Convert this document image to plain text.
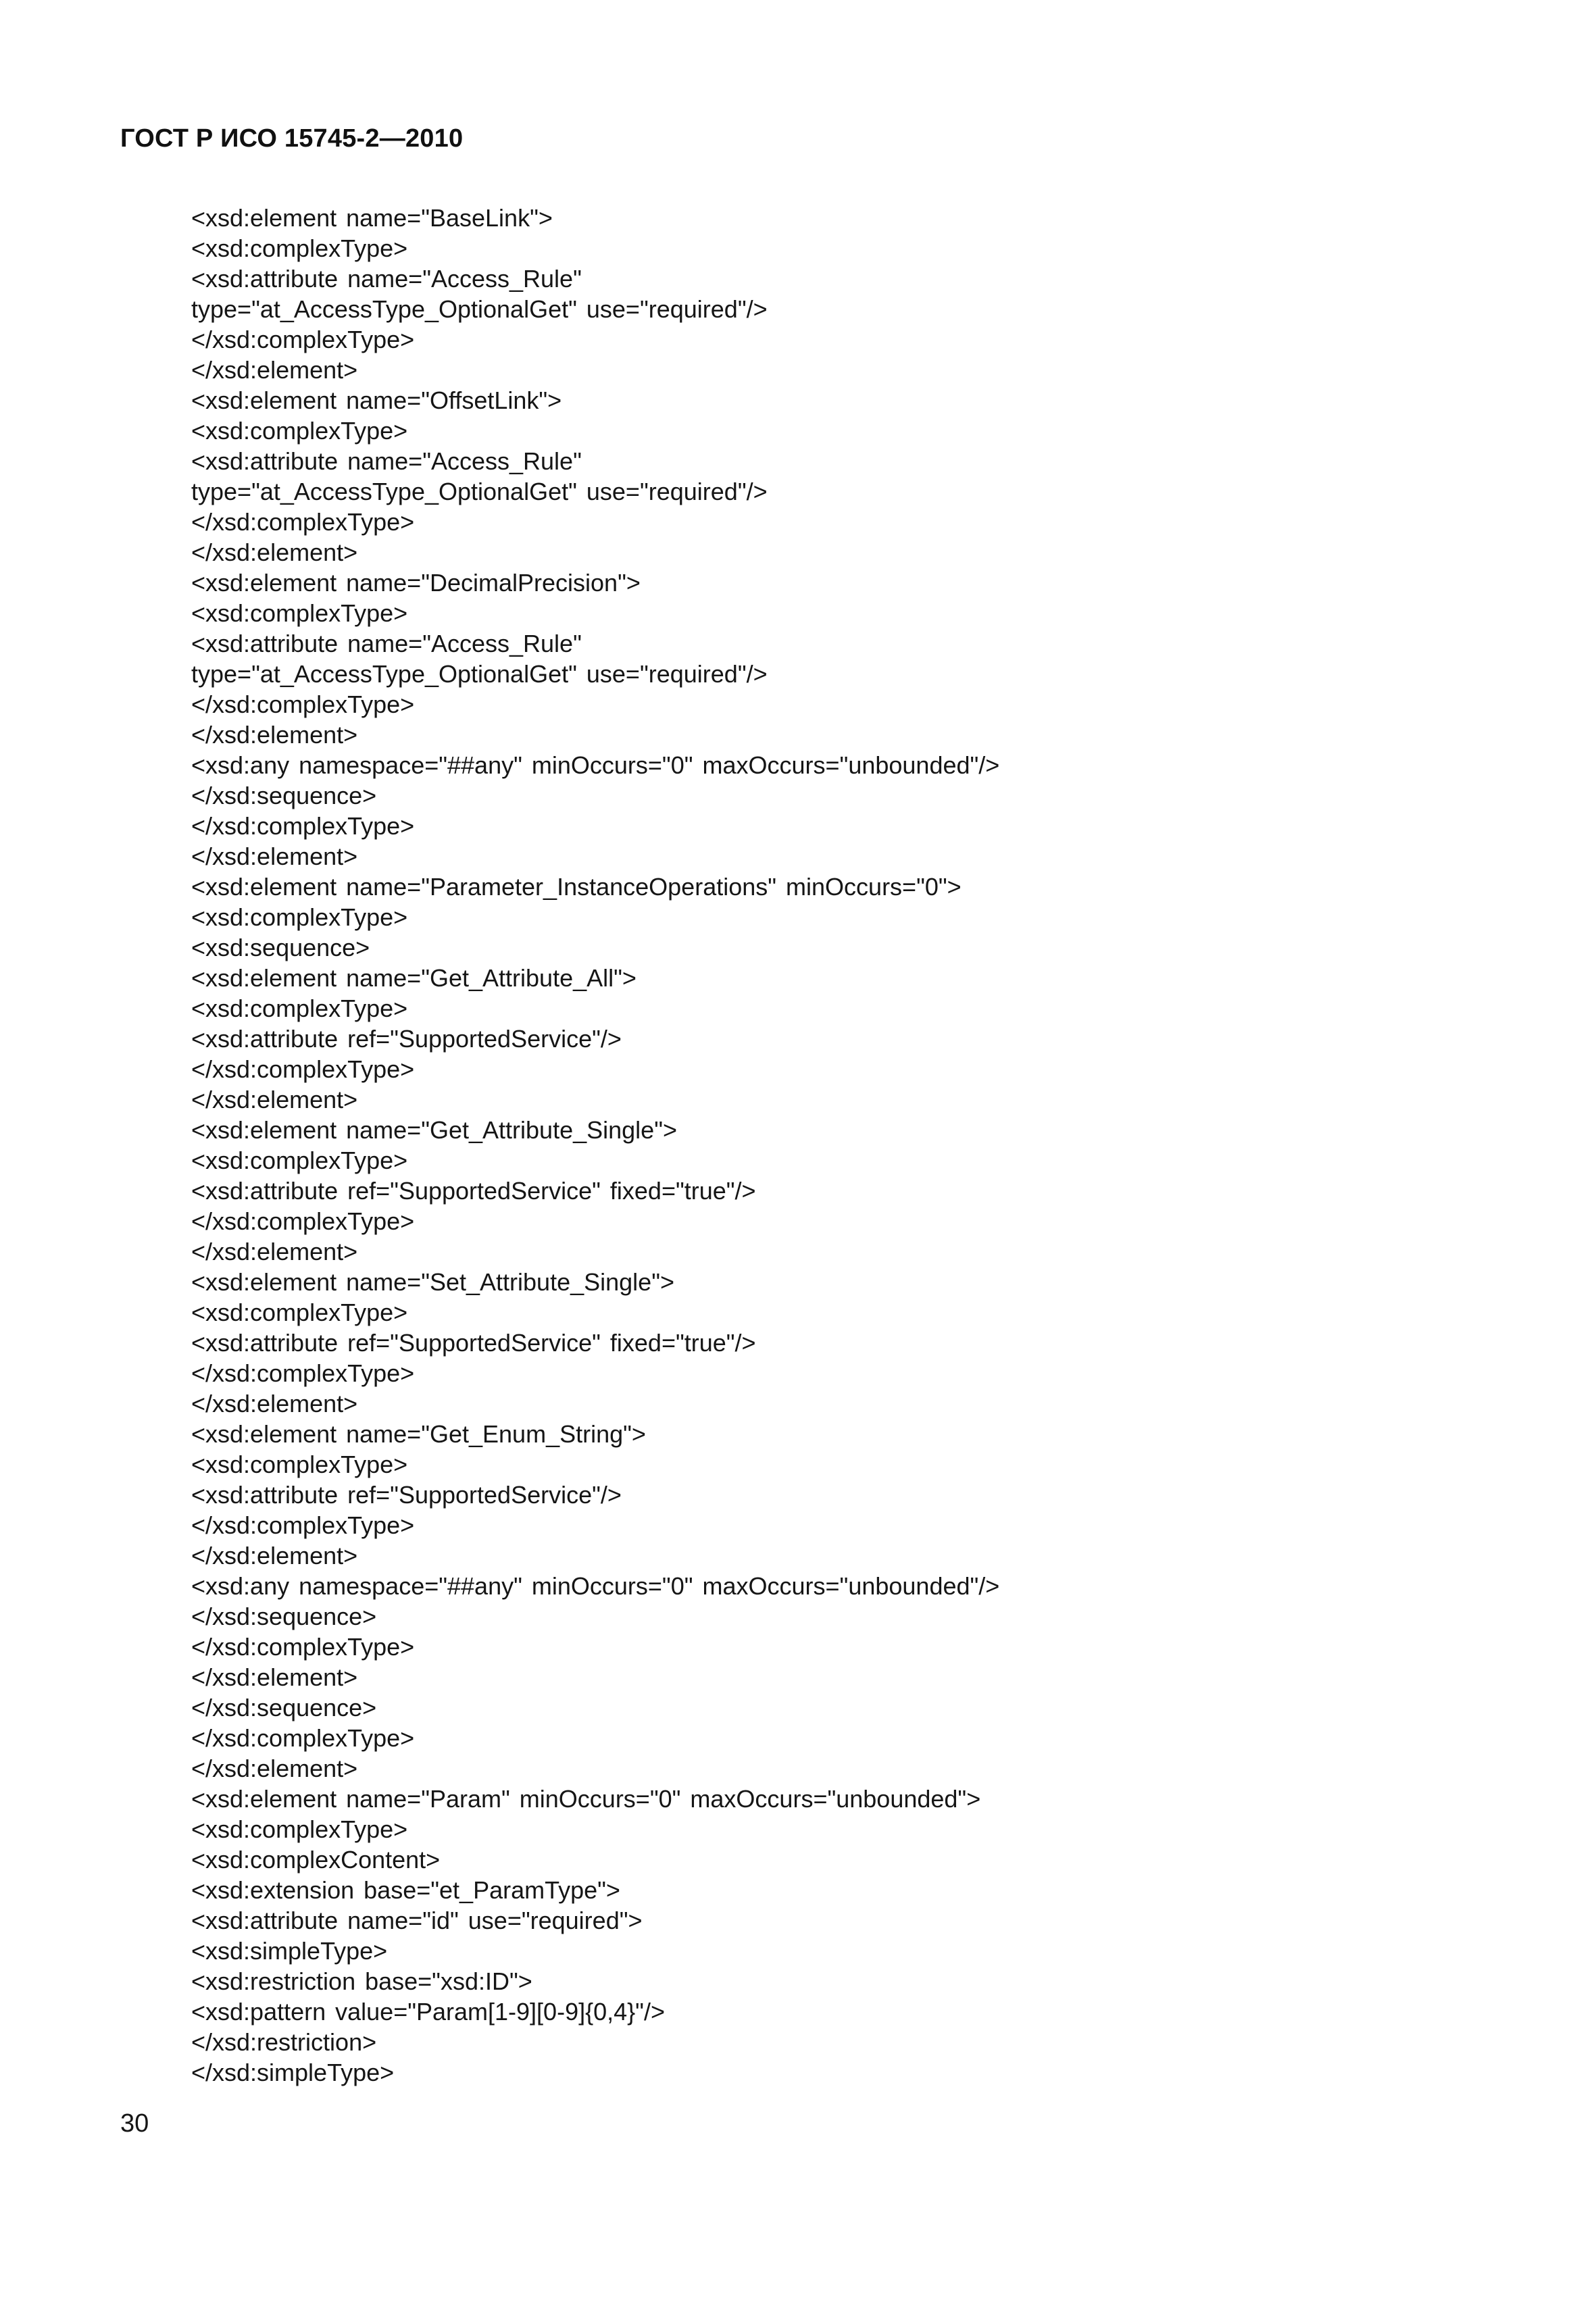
ГОСТ Р ИСО 15745-2—2010
<xsd:element name="BaseLink">
<xsd:complexType>
<xsd:attribute name="Access_Rule"
type="at_AccessType_OptionalGet" use="required"/>
</xsd:complexType>
</xsd:element>
<xsd:element name="OffsetLink">
<xsd:complexType>
<xsd:attribute name="Access_Rule"
type="at_AccessType_OptionalGet" use="required"/>
</xsd:complexType>
</xsd:element>
<xsd:element name="DecimalPrecision">
<xsd:complexType>
<xsd:attribute name="Access_Rule"
type="at_AccessType_OptionalGet" use="required"/>
</xsd:complexType>
</xsd:element>
<xsd:any namespace="##any" minOccurs="0" maxOccurs="unbounded"/>
</xsd:sequence>
</xsd:complexType>
</xsd:element>
<xsd:element name="Parameter_InstanceOperations" minOccurs="0">
<xsd:complexType>
<xsd:sequence>
<xsd:element name="Get_Attribute_All">
<xsd:complexType>
<xsd:attribute ref="SupportedService"/>
</xsd:complexType>
</xsd:element>
<xsd:element name="Get_Attribute_Single">
<xsd:complexType>
<xsd:attribute ref="SupportedService" fixed="true"/>
</xsd:complexType>
</xsd:element>
<xsd:element name="Set_Attribute_Single">
<xsd:complexType>
<xsd:attribute ref="SupportedService" fixed="true"/>
</xsd:complexType>
</xsd:element>
<xsd:element name="Get_Enum_String">
<xsd:complexType>
<xsd:attribute ref="SupportedService"/>
</xsd:complexType>
</xsd:element>
<xsd:any namespace="##any" minOccurs="0" maxOccurs="unbounded"/>
</xsd:sequence>
</xsd:complexType>
</xsd:element>
</xsd:sequence>
</xsd:complexType>
</xsd:element>
<xsd:element name="Param" minOccurs="0" maxOccurs="unbounded">
<xsd:complexType>
<xsd:complexContent>
<xsd:extension base="et_ParamType">
<xsd:attribute name="id" use="required">
<xsd:simpleType>
<xsd:restriction base="xsd:ID">
<xsd:pattern value="Param[1-9][0-9]{0,4}"/>
</xsd:restriction>
</xsd:simpleType>
30
